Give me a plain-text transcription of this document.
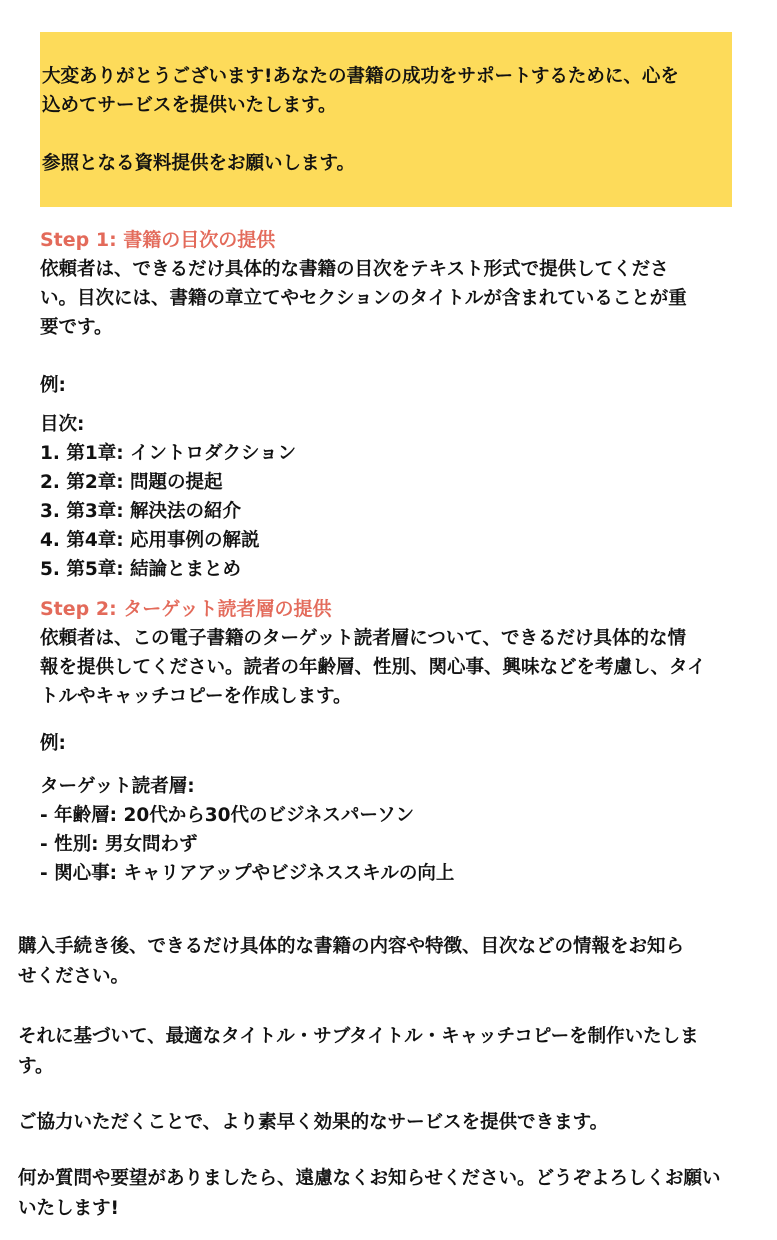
大変ありがとうございます!あなたの書籍の成功をサポートするために、心を

込めてサービスを提供いたします。

参照となる資料提供をお願いします。

Step 1: 書籍の目次の提供

依頼者は、できるだけ具体的な書籍の目次をテキスト形式で提供してくださ

い。目次には、書籍の章立てやセクションのタイトルが含まれていることが重

要です。

例:

目次:

1. 第1章: イントロダクション
2. 第2章: 問題の提起
3. 第3章: 解決法の紹介
4. 第4章: 応用事例の解説
5. 第5章: 結論とまとめ

Step 2: ターゲット読者層の提供

依頼者は、この電子書籍のターゲット読者層について、できるだけ具体的な情

報を提供してください。読者の年齢層、性別、関心事、興味などを考慮し、タイ

トルやキャッチコピーを作成します。

例:

ターゲット読者層:

- 年齢層: 20代から30代のビジネスパーソン
- 性別: 男女問わず
- 関心事: キャリアアップやビジネススキルの向上

購入手続き後、できるだけ具体的な書籍の内容や特徴、目次などの情報をお知ら
せください。

それに基づいて、最適なタイトル・サブタイトル・キャッチコピーを制作いたしま
す。

ご協力いただくことで、より素早く効果的なサービスを提供できます。

何か質問や要望がありましたら、遠慮なくお知らせください。どうぞよろしくお願い
いたします!
